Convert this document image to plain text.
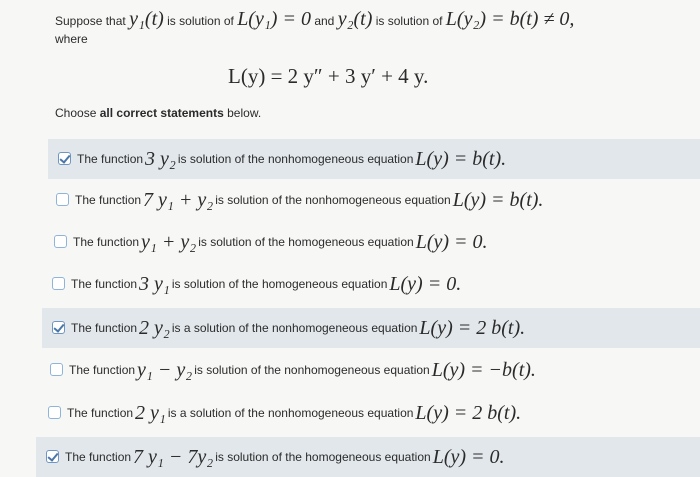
Suppose that y₁(t) is solution of L(y₁) = 0 and y₂(t) is solution of L(y₂) = b(t) ≠ 0,
where
L(y) = 2 y″ + 3 y′ + 4 y.
Choose all correct statements below.
The function 3 y₂ is solution of the nonhomogeneous equation L(y) = b(t).
The function 7 y₁ + y₂ is solution of the nonhomogeneous equation L(y) = b(t).
The function y₁ + y₂ is solution of the homogeneous equation L(y) = 0.
The function 3 y₁ is solution of the homogeneous equation L(y) = 0.
The function 2 y₂ is a solution of the nonhomogeneous equation L(y) = 2 b(t).
The function y₁ − y₂ is solution of the nonhomogeneous equation L(y) = −b(t).
The function 2 y₁ is a solution of the nonhomogeneous equation L(y) = 2 b(t).
The function 7 y₁ − 7y₂ is solution of the homogeneous equation L(y) = 0.
